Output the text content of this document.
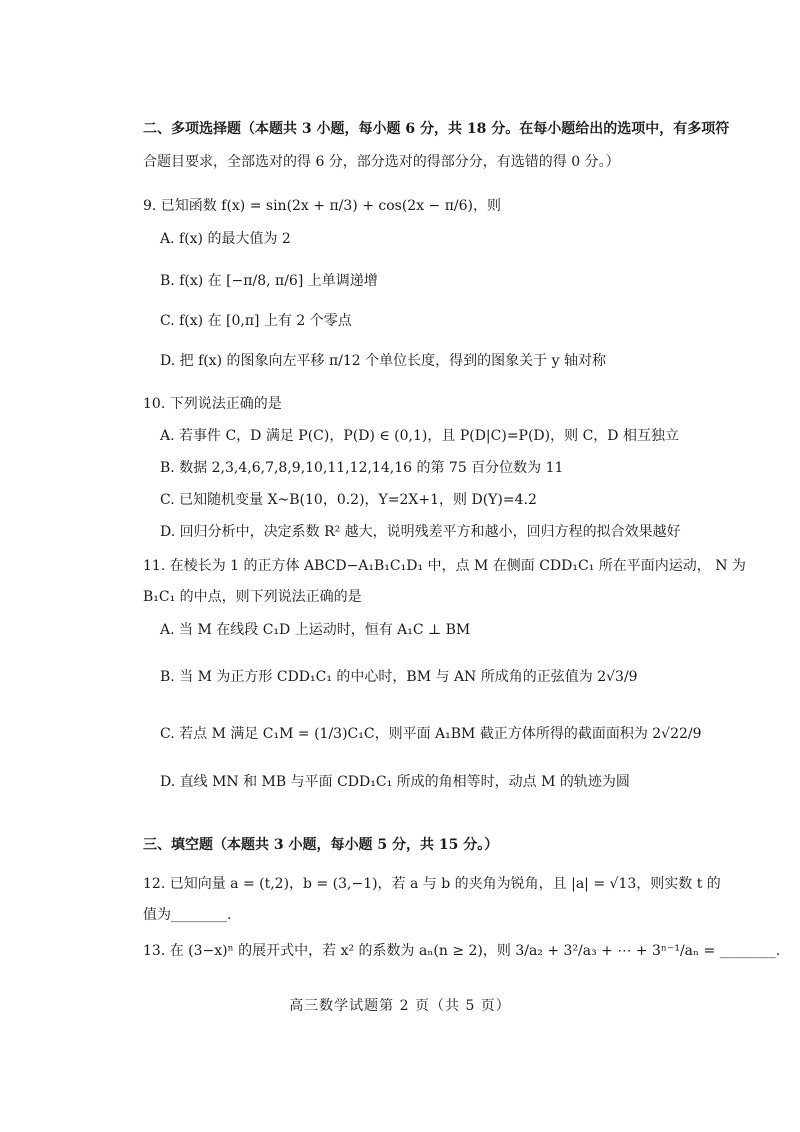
二、多项选择题（本题共 3 小题，每小题 6 分，共 18 分。在每小题给出的选项中，有多项符
合题目要求，全部选对的得 6 分，部分选对的得部分分，有选错的得 0 分。）
9. 已知函数 f(x) = sin(2x + π/3) + cos(2x − π/6)，则
A. f(x) 的最大值为 2
B. f(x) 在 [−π/8, π/6] 上单调递增
C. f(x) 在 [0,π] 上有 2 个零点
D. 把 f(x) 的图象向左平移 π/12 个单位长度，得到的图象关于 y 轴对称
10. 下列说法正确的是
A. 若事件 C，D 满足 P(C)，P(D) ∈ (0,1)，且 P(D|C)=P(D)，则 C，D 相互独立
B. 数据 2,3,4,6,7,8,9,10,11,12,14,16 的第 75 百分位数为 11
C. 已知随机变量 X~B(10，0.2)，Y=2X+1，则 D(Y)=4.2
D. 回归分析中，决定系数 R² 越大，说明残差平方和越小，回归方程的拟合效果越好
11. 在棱长为 1 的正方体 ABCD−A₁B₁C₁D₁ 中，点 M 在侧面 CDD₁C₁ 所在平面内运动， N 为
B₁C₁ 的中点，则下列说法正确的是
A. 当 M 在线段 C₁D 上运动时，恒有 A₁C ⊥ BM
B. 当 M 为正方形 CDD₁C₁ 的中心时，BM 与 AN 所成角的正弦值为 2√3/9
C. 若点 M 满足 C₁M = (1/3)C₁C，则平面 A₁BM 截正方体所得的截面面积为 2√22/9
D. 直线 MN 和 MB 与平面 CDD₁C₁ 所成的角相等时，动点 M 的轨迹为圆
三、填空题（本题共 3 小题，每小题 5 分，共 15 分。）
12. 已知向量 a = (t,2)，b = (3,−1)，若 a 与 b 的夹角为锐角，且 |a| = √13，则实数 t 的
值为________.
13. 在 (3−x)ⁿ 的展开式中，若 x² 的系数为 aₙ(n ≥ 2)，则 3/a₂ + 3²/a₃ + ⋯ + 3ⁿ⁻¹/aₙ = ________.
高三数学试题第 2 页（共 5 页）
